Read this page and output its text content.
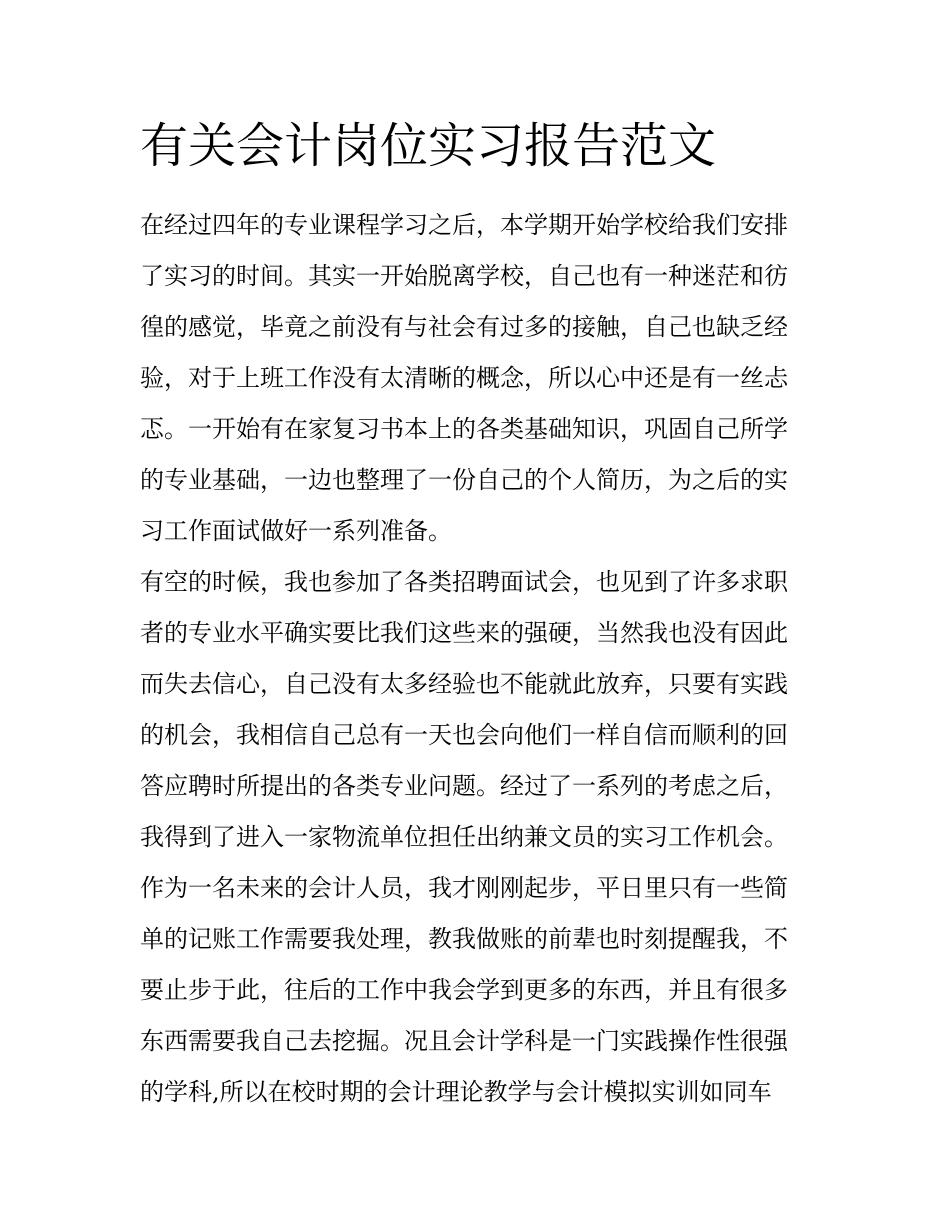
有关会计岗位实习报告范文
在经过四年的专业课程学习之后，本学期开始学校给我们安排
了实习的时间。其实一开始脱离学校，自己也有一种迷茫和彷
徨的感觉，毕竟之前没有与社会有过多的接触，自己也缺乏经
验，对于上班工作没有太清晰的概念，所以心中还是有一丝忐
忑。一开始有在家复习书本上的各类基础知识，巩固自己所学
的专业基础，一边也整理了一份自己的个人简历，为之后的实
习工作面试做好一系列准备。
有空的时候，我也参加了各类招聘面试会，也见到了许多求职
者的专业水平确实要比我们这些来的强硬，当然我也没有因此
而失去信心，自己没有太多经验也不能就此放弃，只要有实践
的机会，我相信自己总有一天也会向他们一样自信而顺利的回
答应聘时所提出的各类专业问题。经过了一系列的考虑之后，
我得到了进入一家物流单位担任出纳兼文员的实习工作机会。
作为一名未来的会计人员，我才刚刚起步，平日里只有一些简
单的记账工作需要我处理，教我做账的前辈也时刻提醒我，不
要止步于此，往后的工作中我会学到更多的东西，并且有很多
东西需要我自己去挖掘。况且会计学科是一门实践操作性很强
的学科,所以在校时期的会计理论教学与会计模拟实训如同车
